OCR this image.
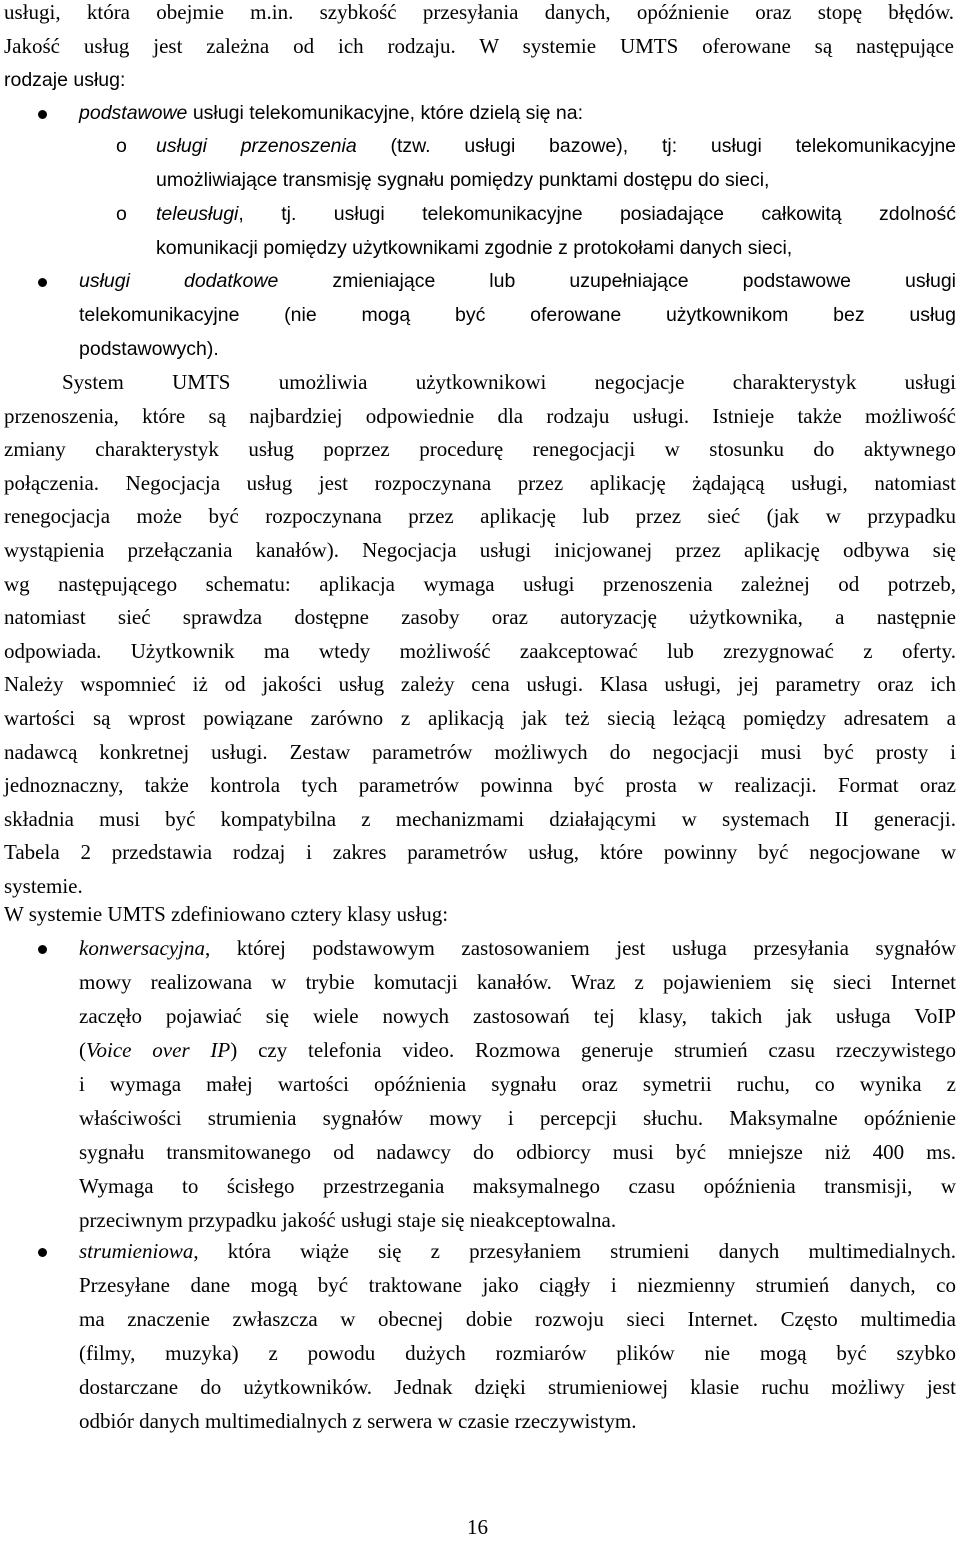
usługi, która obejmie m.in. szybkość przesyłania danych, opóźnienie oraz stopę błędów.
Jakość usług jest zależna od ich rodzaju. W systemie UMTS oferowane są następujące
rodzaje usług:
podstawowe usługi telekomunikacyjne, które dzielą się na:
o usługi przenoszenia (tzw. usługi bazowe), tj: usługi telekomunikacyjne
umożliwiające transmisję sygnału pomiędzy punktami dostępu do sieci,
o teleusługi, tj. usługi telekomunikacyjne posiadające całkowitą zdolność
komunikacji pomiędzy użytkownikami zgodnie z protokołami danych sieci,
usługi dodatkowe zmieniające lub uzupełniające podstawowe usługi
telekomunikacyjne (nie mogą być oferowane użytkownikom bez usług
podstawowych).
System UMTS umożliwia użytkownikowi negocjacje charakterystyk usługi
przenoszenia, które są najbardziej odpowiednie dla rodzaju usługi. Istnieje także możliwość
zmiany charakterystyk usług poprzez procedurę renegocjacji w stosunku do aktywnego
połączenia. Negocjacja usług jest rozpoczynana przez aplikację żądającą usługi, natomiast
renegocjacja może być rozpoczynana przez aplikację lub przez sieć (jak w przypadku
wystąpienia przełączania kanałów). Negocjacja usługi inicjowanej przez aplikację odbywa się
wg następującego schematu: aplikacja wymaga usługi przenoszenia zależnej od potrzeb,
natomiast sieć sprawdza dostępne zasoby oraz autoryzację użytkownika, a następnie
odpowiada. Użytkownik ma wtedy możliwość zaakceptować lub zrezygnować z oferty.
Należy wspomnieć iż od jakości usług zależy cena usługi. Klasa usługi, jej parametry oraz ich
wartości są wprost powiązane zarówno z aplikacją jak też siecią leżącą pomiędzy adresatem a
nadawcą konkretnej usługi. Zestaw parametrów możliwych do negocjacji musi być prosty i
jednoznaczny, także kontrola tych parametrów powinna być prosta w realizacji. Format oraz
składnia musi być kompatybilna z mechanizmami działającymi w systemach II generacji.
Tabela 2 przedstawia rodzaj i zakres parametrów usług, które powinny być negocjowane w
systemie.
W systemie UMTS zdefiniowano cztery klasy usług:
konwersacyjna, której podstawowym zastosowaniem jest usługa przesyłania sygnałów
mowy realizowana w trybie komutacji kanałów. Wraz z pojawieniem się sieci Internet
zaczęło pojawiać się wiele nowych zastosowań tej klasy, takich jak usługa VoIP
(Voice over IP) czy telefonia video. Rozmowa generuje strumień czasu rzeczywistego
i wymaga małej wartości opóźnienia sygnału oraz symetrii ruchu, co wynika z
właściwości strumienia sygnałów mowy i percepcji słuchu. Maksymalne opóźnienie
sygnału transmitowanego od nadawcy do odbiorcy musi być mniejsze niż 400 ms.
Wymaga to ścisłego przestrzegania maksymalnego czasu opóźnienia transmisji, w
przeciwnym przypadku jakość usługi staje się nieakceptowalna.
strumieniowa, która wiąże się z przesyłaniem strumieni danych multimedialnych.
Przesyłane dane mogą być traktowane jako ciągły i niezmienny strumień danych, co
ma znaczenie zwłaszcza w obecnej dobie rozwoju sieci Internet. Często multimedia
(filmy, muzyka) z powodu dużych rozmiarów plików nie mogą być szybko
dostarczane do użytkowników. Jednak dzięki strumieniowej klasie ruchu możliwy jest
odbiór danych multimedialnych z serwera w czasie rzeczywistym.
16
